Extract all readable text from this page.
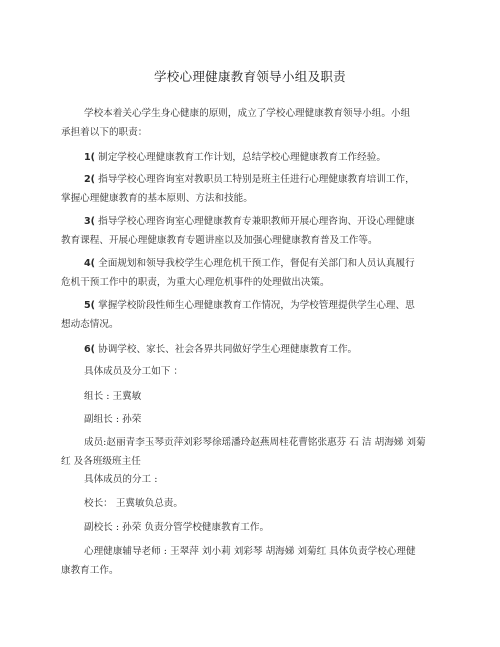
学校心理健康教育领导小组及职责
学校本着关心学生身心健康的原则，成立了学校心理健康教育领导小组。小组
承担着以下的职责：
1( 制定学校心理健康教育工作计划，总结学校心理健康教育工作经验。
2( 指导学校心理咨询室对教职员工特别是班主任进行心理健康教育培训工作，
掌握心理健康教育的基本原则、方法和技能。
3( 指导学校心理咨询室心理健康教育专兼职教师开展心理咨询、开设心理健康
教育课程、开展心理健康教育专题讲座以及加强心理健康教育普及工作等。
4( 全面规划和领导我校学生心理危机干预工作，督促有关部门和人员认真履行
危机干预工作中的职责，为重大心理危机事件的处理做出决策。
5( 掌握学校阶段性师生心理健康教育工作情况，为学校管理提供学生心理、思
想动态情况。
6( 协调学校、家长、社会各界共同做好学生心理健康教育工作。
具体成员及分工如下 ：
组长 : 王冀敏
副组长 : 孙荣
成员:赵丽青李玉琴贡萍刘彩琴徐瑶潘玲赵燕周桂花曹铭张惠芬 石 洁 胡海娣 刘菊
红 及各班级班主任
具体成员的分工 :
校长： 王冀敏负总责。
副校长 : 孙荣 负责分管学校健康教育工作。
心理健康辅导老师 : 王翠萍 刘小莉 刘彩琴 胡海娣 刘菊红 具体负责学校心理健
康教育工作。
